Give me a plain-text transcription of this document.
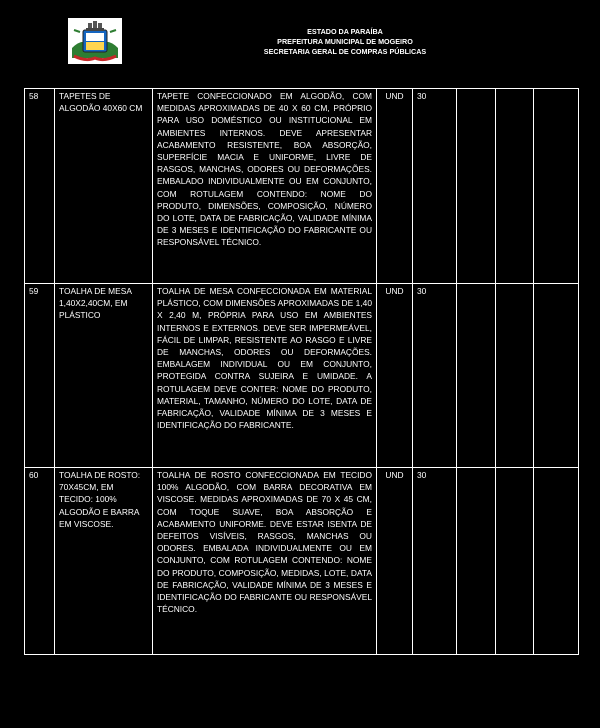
ESTADO DA PARAÍBA
PREFEITURA MUNICIPAL DE MOGEIRO
SECRETARIA GERAL DE COMPRAS PÚBLICAS
58	TAPETES DE ALGODÃO 40X60 CM	TAPETE CONFECCIONADO EM ALGODÃO, COM MEDIDAS APROXIMADAS DE 40 X 60 CM, PRÓPRIO PARA USO DOMÉSTICO OU INSTITUCIONAL EM AMBIENTES INTERNOS. DEVE APRESENTAR ACABAMENTO RESISTENTE, BOA ABSORÇÃO, SUPERFÍCIE MACIA E UNIFORME, LIVRE DE RASGOS, MANCHAS, ODORES OU DEFORMAÇÕES. EMBALADO INDIVIDUALMENTE OU EM CONJUNTO, COM ROTULAGEM CONTENDO: NOME DO PRODUTO, DIMENSÕES, COMPOSIÇÃO, NÚMERO DO LOTE, DATA DE FABRICAÇÃO, VALIDADE MÍNIMA DE 3 MESES E IDENTIFICAÇÃO DO FABRICANTE OU RESPONSÁVEL TÉCNICO.	UND	30			
59	TOALHA DE MESA 1,40X2,40CM, EM PLÁSTICO	TOALHA DE MESA CONFECCIONADA EM MATERIAL PLÁSTICO, COM DIMENSÕES APROXIMADAS DE 1,40 X 2,40 M, PRÓPRIA PARA USO EM AMBIENTES INTERNOS E EXTERNOS. DEVE SER IMPERMEÁVEL, FÁCIL DE LIMPAR, RESISTENTE AO RASGO E LIVRE DE MANCHAS, ODORES OU DEFORMAÇÕES. EMBALAGEM INDIVIDUAL OU EM CONJUNTO, PROTEGIDA CONTRA SUJEIRA E UMIDADE. A ROTULAGEM DEVE CONTER: NOME DO PRODUTO, MATERIAL, TAMANHO, NÚMERO DO LOTE, DATA DE FABRICAÇÃO, VALIDADE MÍNIMA DE 3 MESES E IDENTIFICAÇÃO DO FABRICANTE.	UND	30			
60	TOALHA DE ROSTO: 70X45CM, EM TECIDO: 100% ALGODÃO E BARRA EM VISCOSE.	TOALHA DE ROSTO CONFECCIONADA EM TECIDO 100% ALGODÃO, COM BARRA DECORATIVA EM VISCOSE. MEDIDAS APROXIMADAS DE 70 X 45 CM, COM TOQUE SUAVE, BOA ABSORÇÃO E ACABAMENTO UNIFORME. DEVE ESTAR ISENTA DE DEFEITOS VISÍVEIS, RASGOS, MANCHAS OU ODORES. EMBALADA INDIVIDUALMENTE OU EM CONJUNTO, COM ROTULAGEM CONTENDO: NOME DO PRODUTO, COMPOSIÇÃO, MEDIDAS, LOTE, DATA DE FABRICAÇÃO, VALIDADE MÍNIMA DE 3 MESES E IDENTIFICAÇÃO DO FABRICANTE OU RESPONSÁVEL TÉCNICO.	UND	30			
